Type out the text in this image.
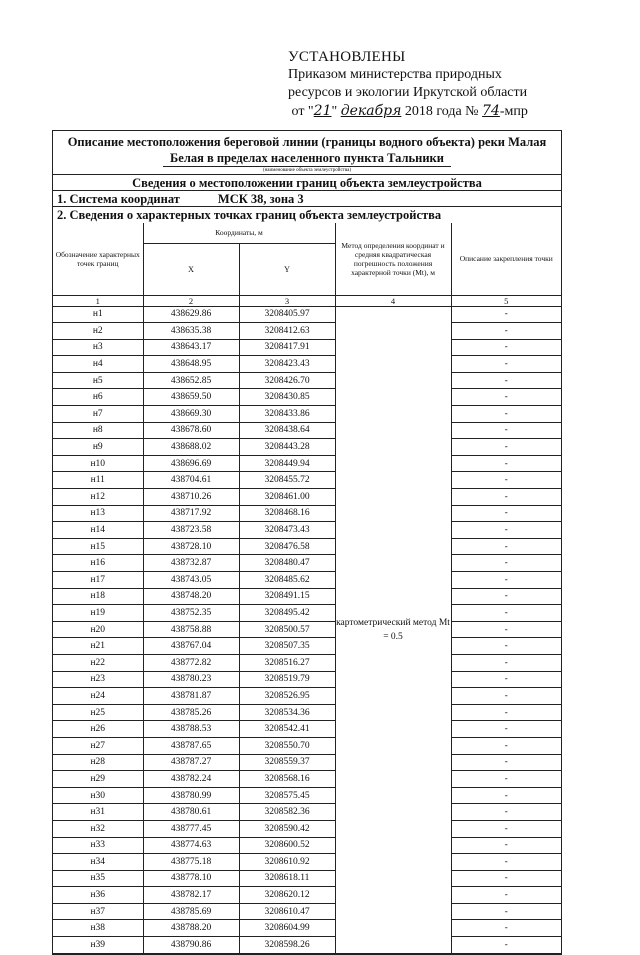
УСТАНОВЛЕНЫ
Приказом министерства природных
ресурсов и экологии Иркутской области
от "21" декабря 2018 года № 74-мпр
Описание местоположения береговой линии (границы водного объекта) реки Малая
Белая в пределах населенного пункта Тальники
(наименование объекта землеустройства)
Сведения о местоположении границ объекта землеустройства
1. Система координат	МСК 38, зона 3
2. Сведения о характерных точках границ объекта землеустройства
Обозначение характерных точек границ	Координаты, м		Метод определения координат и средняя квадратическая погрешность положения характерной точки (Mt), м	Описание закрепления точки
	X	Y		
1	2	3	4	5
н1	438629.86	3208405.97	картометрический метод Mt = 0.5	-
н2	438635.38	3208412.63		-
н3	438643.17	3208417.91		-
н4	438648.95	3208423.43		-
н5	438652.85	3208426.70		-
н6	438659.50	3208430.85		-
н7	438669.30	3208433.86		-
н8	438678.60	3208438.64		-
н9	438688.02	3208443.28		-
н10	438696.69	3208449.94		-
н11	438704.61	3208455.72		-
н12	438710.26	3208461.00		-
н13	438717.92	3208468.16		-
н14	438723.58	3208473.43		-
н15	438728.10	3208476.58		-
н16	438732.87	3208480.47		-
н17	438743.05	3208485.62		-
н18	438748.20	3208491.15		-
н19	438752.35	3208495.42		-
н20	438758.88	3208500.57		-
н21	438767.04	3208507.35		-
н22	438772.82	3208516.27		-
н23	438780.23	3208519.79		-
н24	438781.87	3208526.95		-
н25	438785.26	3208534.36		-
н26	438788.53	3208542.41		-
н27	438787.65	3208550.70		-
н28	438787.27	3208559.37		-
н29	438782.24	3208568.16		-
н30	438780.99	3208575.45		-
н31	438780.61	3208582.36		-
н32	438777.45	3208590.42		-
н33	438774.63	3208600.52		-
н34	438775.18	3208610.92		-
н35	438778.10	3208618.11		-
н36	438782.17	3208620.12		-
н37	438785.69	3208610.47		-
н38	438788.20	3208604.99		-
н39	438790.86	3208598.26		-
